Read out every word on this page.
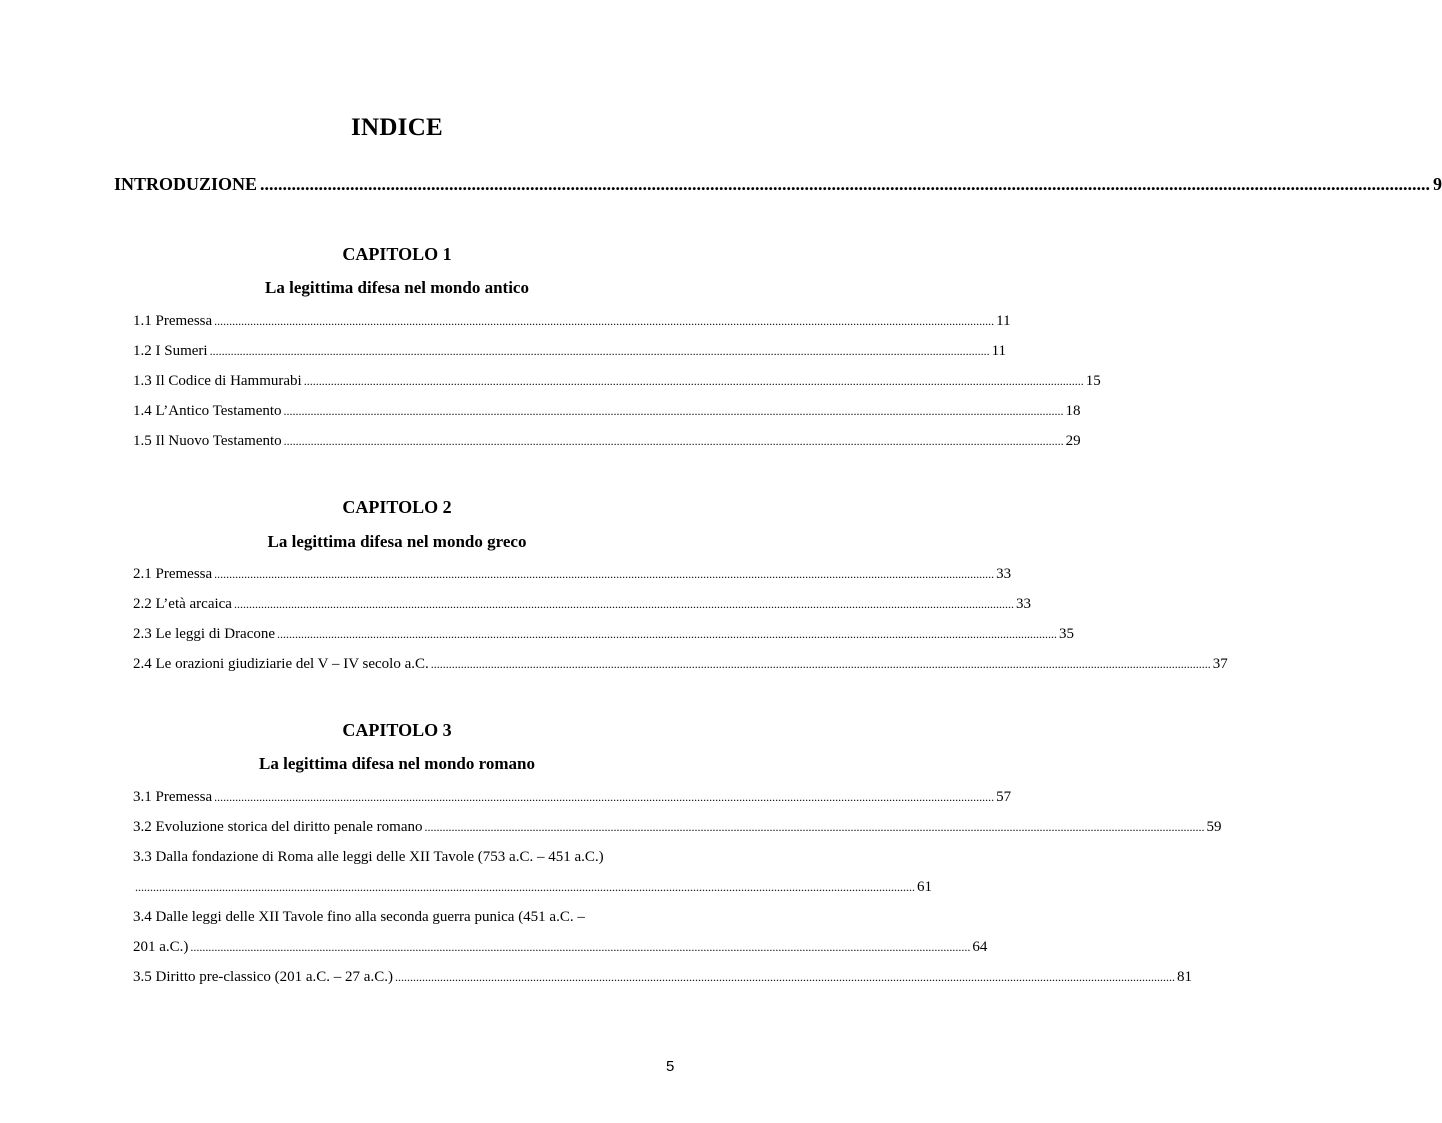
INDICE
INTRODUZIONE .................................................................................................................................................................................................................................................................... 9
CAPITOLO 1
La legittima difesa nel mondo antico
1.1 Premessa .................................................................................................................................................................................................................................................................... 11
1.2 I Sumeri .................................................................................................................................................................................................................................................................... 11
1.3 Il Codice di Hammurabi .................................................................................................................................................................................................................................................................... 15
1.4 L’Antico Testamento .................................................................................................................................................................................................................................................................... 18
1.5 Il Nuovo Testamento .................................................................................................................................................................................................................................................................... 29
CAPITOLO 2
La legittima difesa nel mondo greco
2.1 Premessa .................................................................................................................................................................................................................................................................... 33
2.2 L’età arcaica .................................................................................................................................................................................................................................................................... 33
2.3 Le leggi di Dracone .................................................................................................................................................................................................................................................................... 35
2.4 Le orazioni giudiziarie del V – IV secolo a.C. .................................................................................................................................................................................................................................................................... 37
CAPITOLO 3
La legittima difesa nel mondo romano
3.1 Premessa .................................................................................................................................................................................................................................................................... 57
3.2 Evoluzione storica del diritto penale romano .................................................................................................................................................................................................................................................................... 59
3.3 Dalla fondazione di Roma alle leggi delle XII Tavole (753 a.C. – 451 a.C.)
.................................................................................................................................................................................................................................................................... 61
3.4 Dalle leggi delle XII Tavole fino alla seconda guerra punica (451 a.C. –
201 a.C.) .................................................................................................................................................................................................................................................................... 64
3.5 Diritto pre-classico (201 a.C. – 27 a.C.) .................................................................................................................................................................................................................................................................... 81
5
